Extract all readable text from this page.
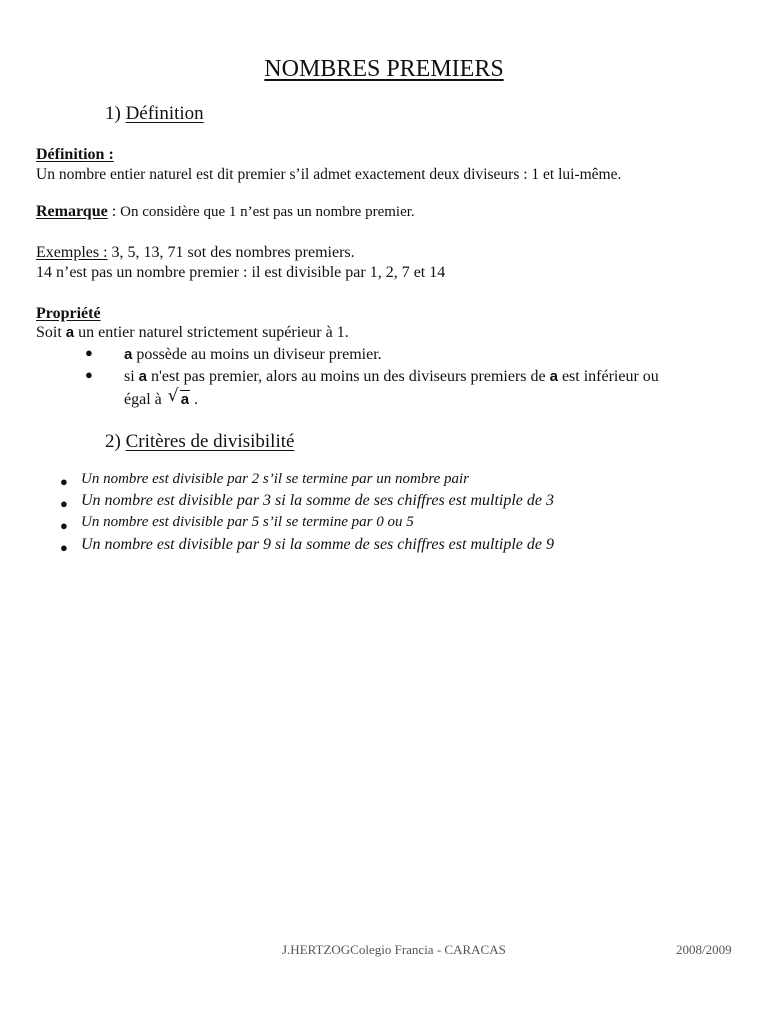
NOMBRES PREMIERS
1) Définition
Définition :
Un nombre entier naturel est dit premier s’il admet exactement deux diviseurs : 1 et lui-même.
Remarque : On considère que 1 n’est pas un nombre premier.
Exemples : 3, 5, 13, 71 sot des nombres premiers.
14 n’est pas un nombre premier : il est divisible par 1, 2, 7 et 14
Propriété
Soit a un entier naturel strictement supérieur à 1.
● a possède au moins un diviseur premier.
● si a n'est pas premier, alors au moins un des diviseurs premiers de a est inférieur ou
égal à √ a .
2) Critères de divisibilité
● Un nombre est divisible par 2 s’il se termine par un nombre pair
● Un nombre est divisible par 3 si la somme de ses chiffres est multiple de 3
● Un nombre est divisible par 5 s’il se termine par 0 ou 5
● Un nombre est divisible par 9 si la somme de ses chiffres est multiple de 9
J.HERTZOGColegio Francia - CARACAS	2008/2009
